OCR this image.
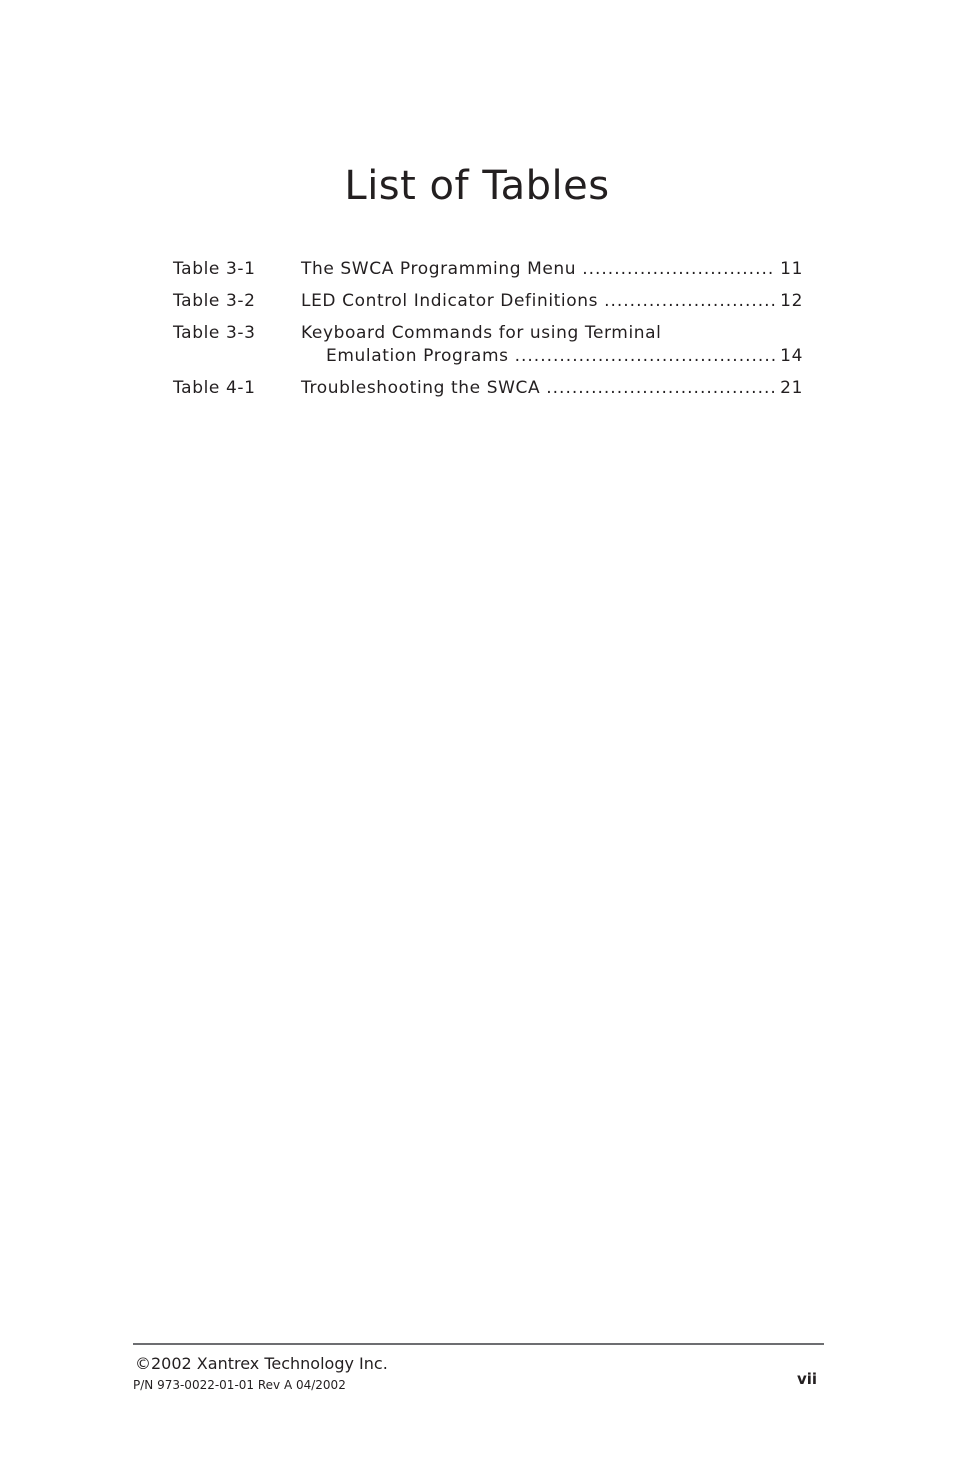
List of Tables
Table 3-1	The SWCA Programming Menu .....	11
Table 3-2	LED Control Indicator Definitions .....	12
Table 3-3	Keyboard Commands for using Terminal
Emulation Programs .....	14
Table 4-1	Troubleshooting the SWCA .....	21
©2002 Xantrex Technology Inc.
P/N 973-0022-01-01 Rev A 04/2002	vii
